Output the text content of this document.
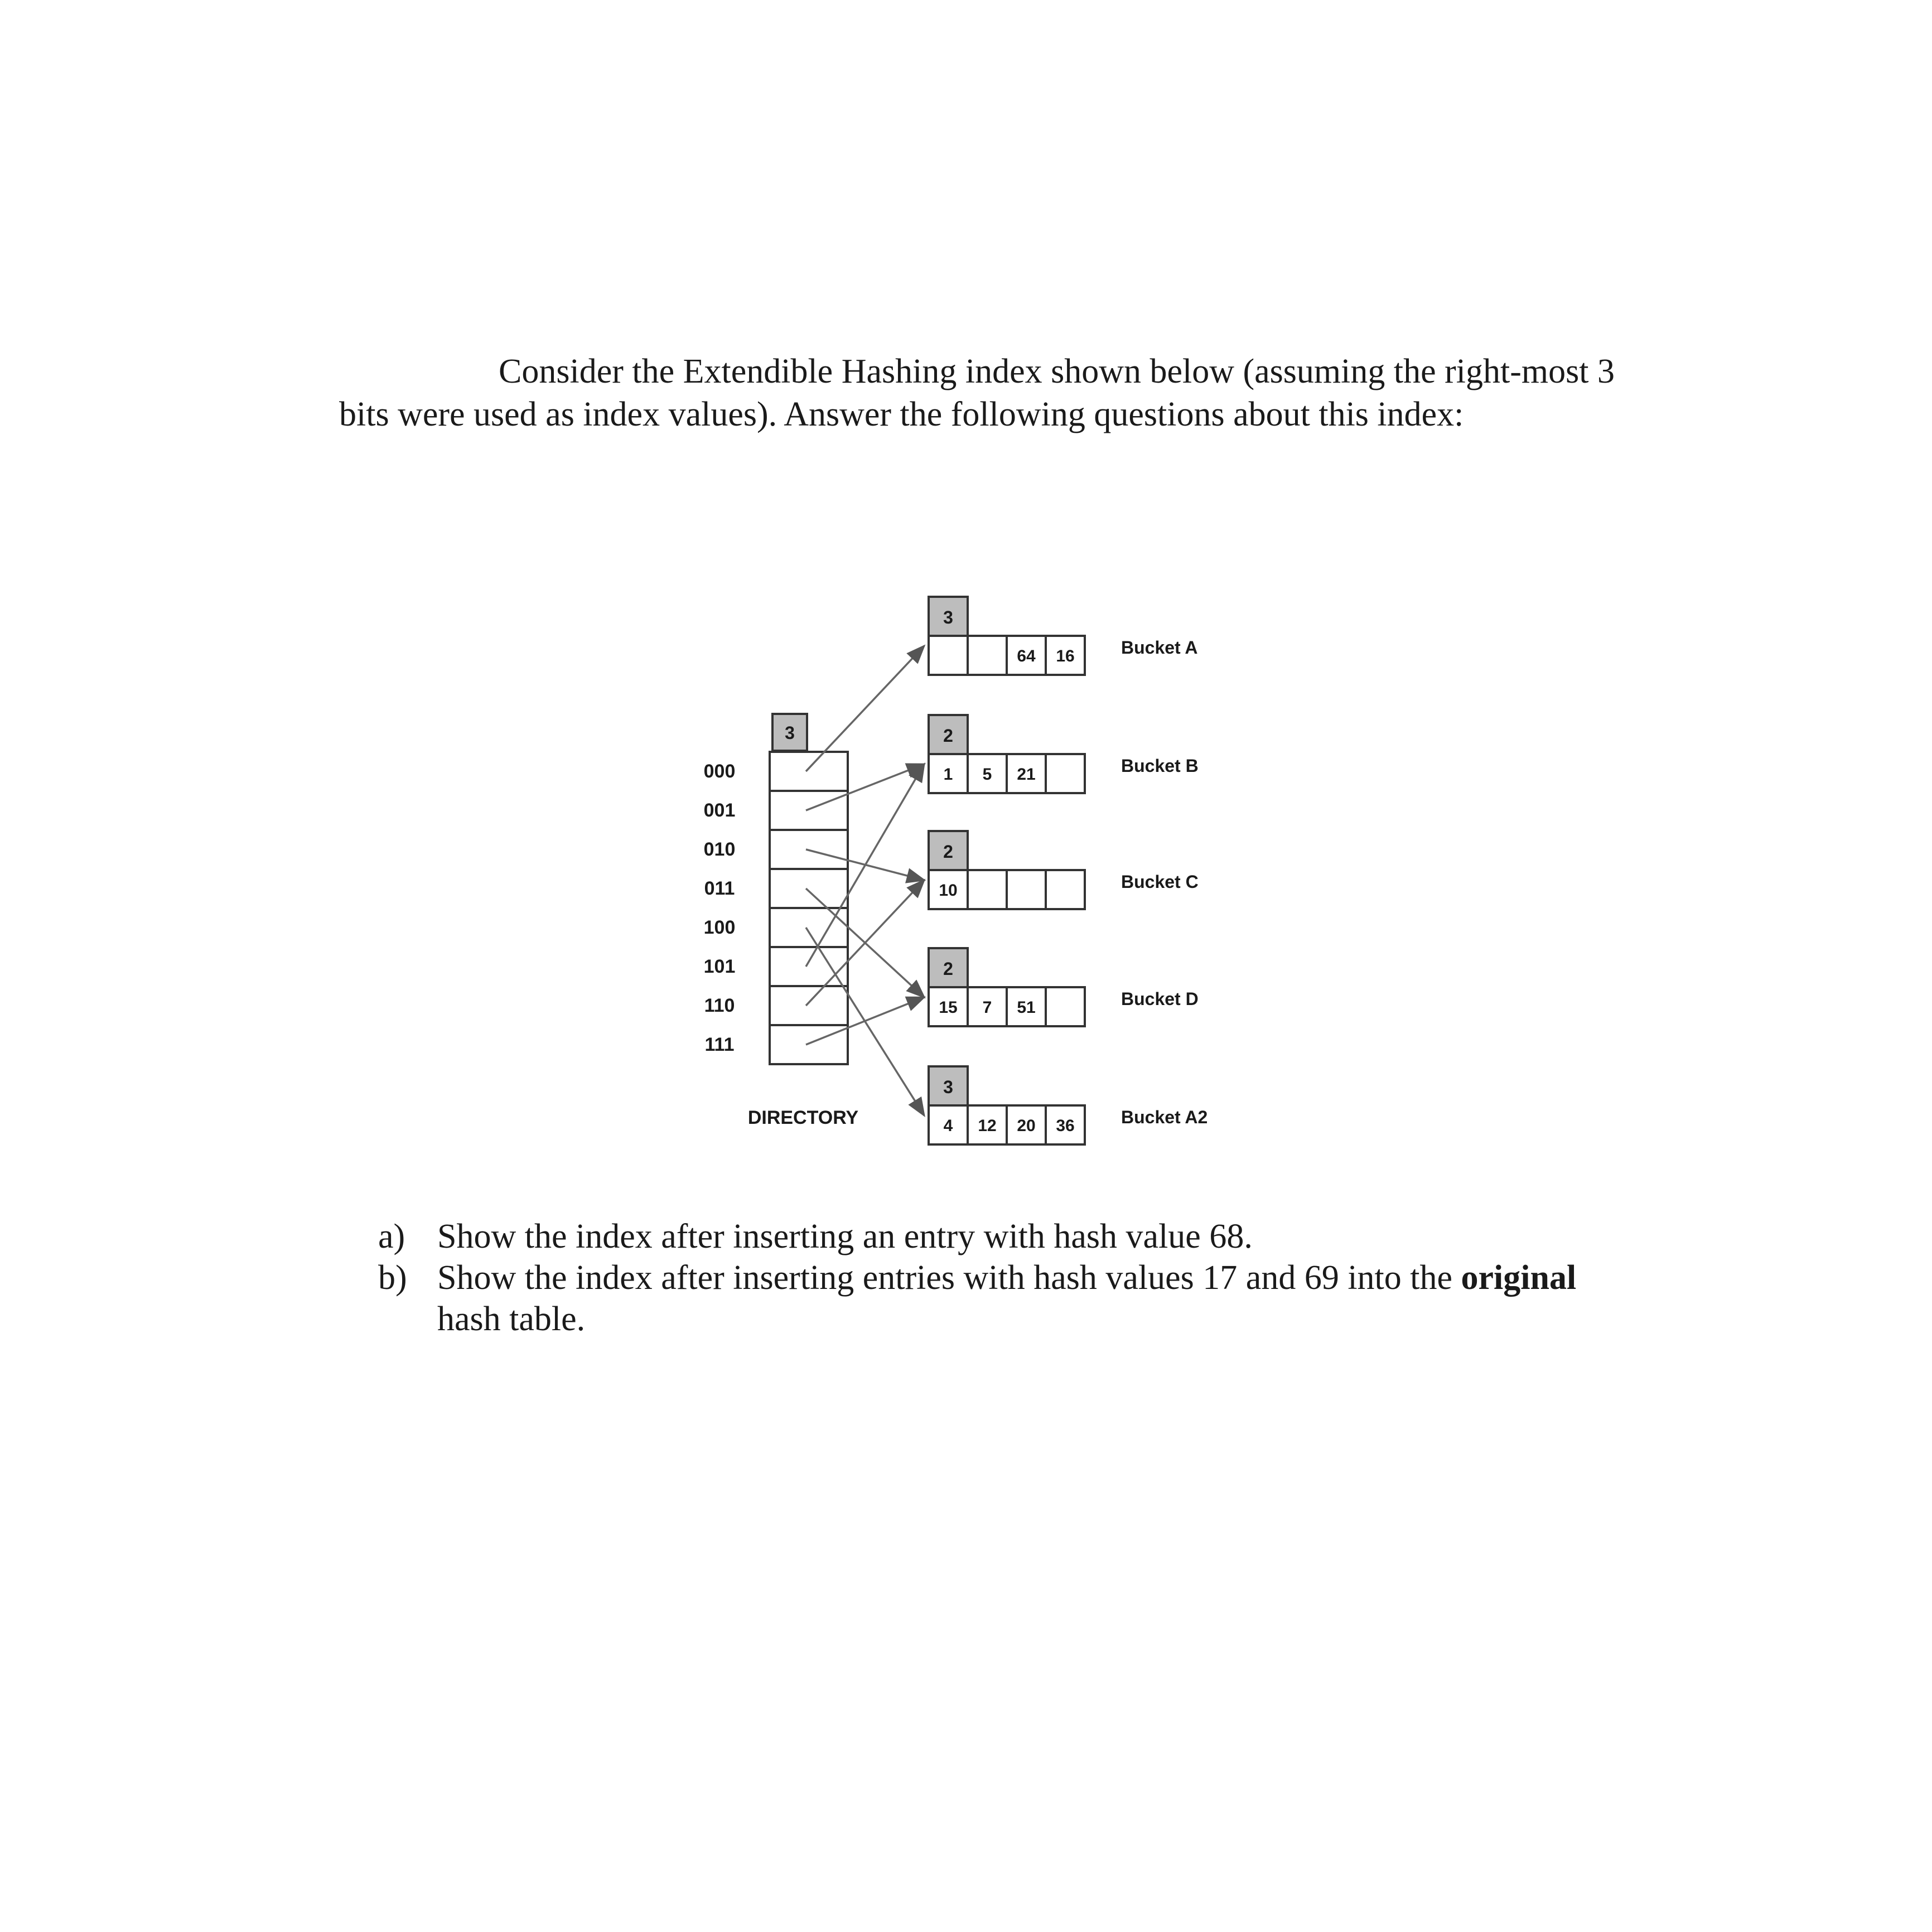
Consider the Extendible Hashing index shown below (assuming the right-most 3 bits were used as index values). Answer the following questions about this index:

3
000
001
010
011
100
101
110
111
DIRECTORY
3
64 16	Bucket A
2
1 5 21	Bucket B
2
10	Bucket C
2
15 7 51	Bucket D
3
4 12 20 36	Bucket A2
a) Show the index after inserting an entry with hash value 68.
b) Show the index after inserting entries with hash values 17 and 69 into the original hash table.
